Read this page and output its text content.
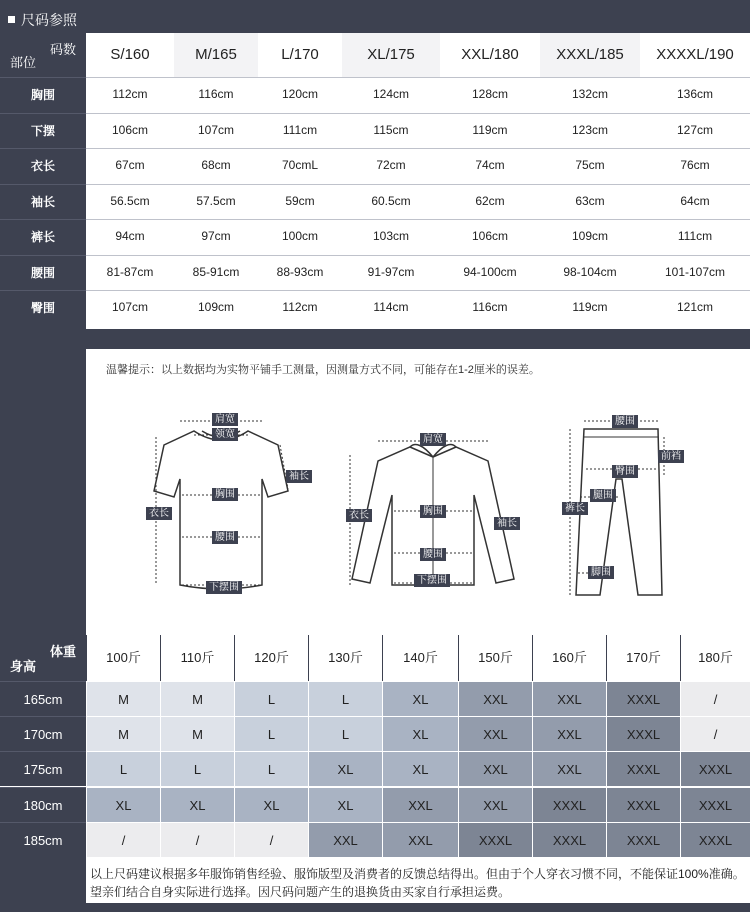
尺码参照
码数
部位	S/160	M/165	L/170	XL/175	XXL/180	XXXL/185	XXXXL/190
胸围	112cm	116cm	120cm	124cm	128cm	132cm	136cm
下摆	106cm	107cm	111cm	115cm	119cm	123cm	127cm
衣长	67cm	68cm	70cmL	72cm	74cm	75cm	76cm
袖长	56.5cm	57.5cm	59cm	60.5cm	62cm	63cm	64cm
裤长	94cm	97cm	100cm	103cm	106cm	109cm	111cm
腰围	81-87cm	85-91cm	88-93cm	91-97cm	94-100cm	98-104cm	101-107cm
臀围	107cm	109cm	112cm	114cm	116cm	119cm	121cm
温馨提示：以上数据均为实物平铺手工测量，因测量方式不同，可能存在1-2厘米的误差。
肩宽
领宽
袖长
衣长
胸围
腰围
下摆围
肩宽
衣长	胸围
袖长
腰围
下摆围
腰围
前裆
臀围
裤长
腿围
脚围
体重
身高
100斤	110斤	120斤	130斤	140斤	150斤	160斤	170斤	180斤
165cm	M	M	L	L	XL	XXL	XXL	XXXL	/
170cm	M	M	L	L	XL	XXL	XXL	XXXL	/
175cm	L	L	L	XL	XL	XXL	XXL	XXXL	XXXL
180cm	XL	XL	XL	XL	XXL	XXL	XXXL	XXXL	XXXL
185cm	/	/	/	XXL	XXL	XXXL	XXXL	XXXL	XXXL
以上尺码建议根据多年服饰销售经验、服饰版型及消费者的反馈总结得出。但由于个人穿衣习惯不同，不能保证100%准确。
望亲们结合自身实际进行选择。因尺码问题产生的退换货由买家自行承担运费。
